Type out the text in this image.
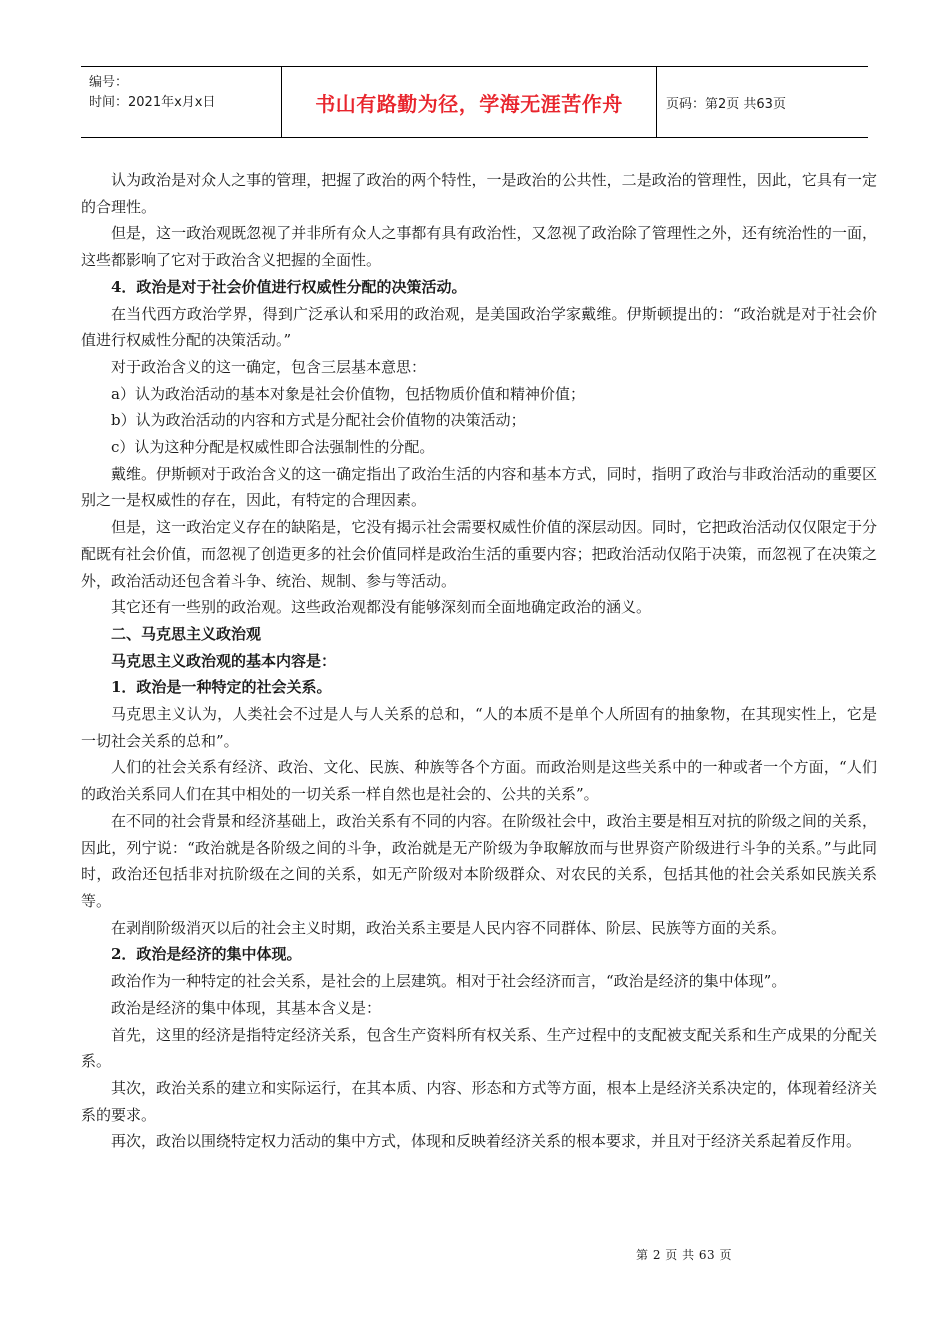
编号：
时间：2021年x月x日	书山有路勤为径，学海无涯苦作舟	页码：第2页 共63页

认为政治是对众人之事的管理，把握了政治的两个特性，一是政治的公共性，二是政治的管理性，因此，它具有一定的合理性。

但是，这一政治观既忽视了并非所有众人之事都有具有政治性，又忽视了政治除了管理性之外，还有统治性的一面，这些都影响了它对于政治含义把握的全面性。

4．政治是对于社会价值进行权威性分配的决策活动。

在当代西方政治学界，得到广泛承认和采用的政治观，是美国政治学家戴维。伊斯顿提出的：“政治就是对于社会价值进行权威性分配的决策活动。”

对于政治含义的这一确定，包含三层基本意思：

a）认为政治活动的基本对象是社会价值物，包括物质价值和精神价值；

b）认为政治活动的内容和方式是分配社会价值物的决策活动；

c）认为这种分配是权威性即合法强制性的分配。

戴维。伊斯顿对于政治含义的这一确定指出了政治生活的内容和基本方式，同时，指明了政治与非政治活动的重要区别之一是权威性的存在，因此，有特定的合理因素。

但是，这一政治定义存在的缺陷是，它没有揭示社会需要权威性价值的深层动因。同时，它把政治活动仅仅限定于分配既有社会价值，而忽视了创造更多的社会价值同样是政治生活的重要内容；把政治活动仅陷于决策，而忽视了在决策之外，政治活动还包含着斗争、统治、规制、参与等活动。

其它还有一些别的政治观。这些政治观都没有能够深刻而全面地确定政治的涵义。

二、马克思主义政治观

马克思主义政治观的基本内容是：

1．政治是一种特定的社会关系。

马克思主义认为，人类社会不过是人与人关系的总和，“人的本质不是单个人所固有的抽象物，在其现实性上，它是一切社会关系的总和”。

人们的社会关系有经济、政治、文化、民族、种族等各个方面。而政治则是这些关系中的一种或者一个方面，“人们的政治关系同人们在其中相处的一切关系一样自然也是社会的、公共的关系”。

在不同的社会背景和经济基础上，政治关系有不同的内容。在阶级社会中，政治主要是相互对抗的阶级之间的关系，因此，列宁说：“政治就是各阶级之间的斗争，政治就是无产阶级为争取解放而与世界资产阶级进行斗争的关系。”与此同时，政治还包括非对抗阶级在之间的关系，如无产阶级对本阶级群众、对农民的关系，包括其他的社会关系如民族关系等。

在剥削阶级消灭以后的社会主义时期，政治关系主要是人民内容不同群体、阶层、民族等方面的关系。

2．政治是经济的集中体现。

政治作为一种特定的社会关系，是社会的上层建筑。相对于社会经济而言，“政治是经济的集中体现”。

政治是经济的集中体现，其基本含义是：

首先，这里的经济是指特定经济关系，包含生产资料所有权关系、生产过程中的支配被支配关系和生产成果的分配关系。

其次，政治关系的建立和实际运行，在其本质、内容、形态和方式等方面，根本上是经济关系决定的，体现着经济关系的要求。

再次，政治以围绕特定权力活动的集中方式，体现和反映着经济关系的根本要求，并且对于经济关系起着反作用。

第 2 页 共 63 页
